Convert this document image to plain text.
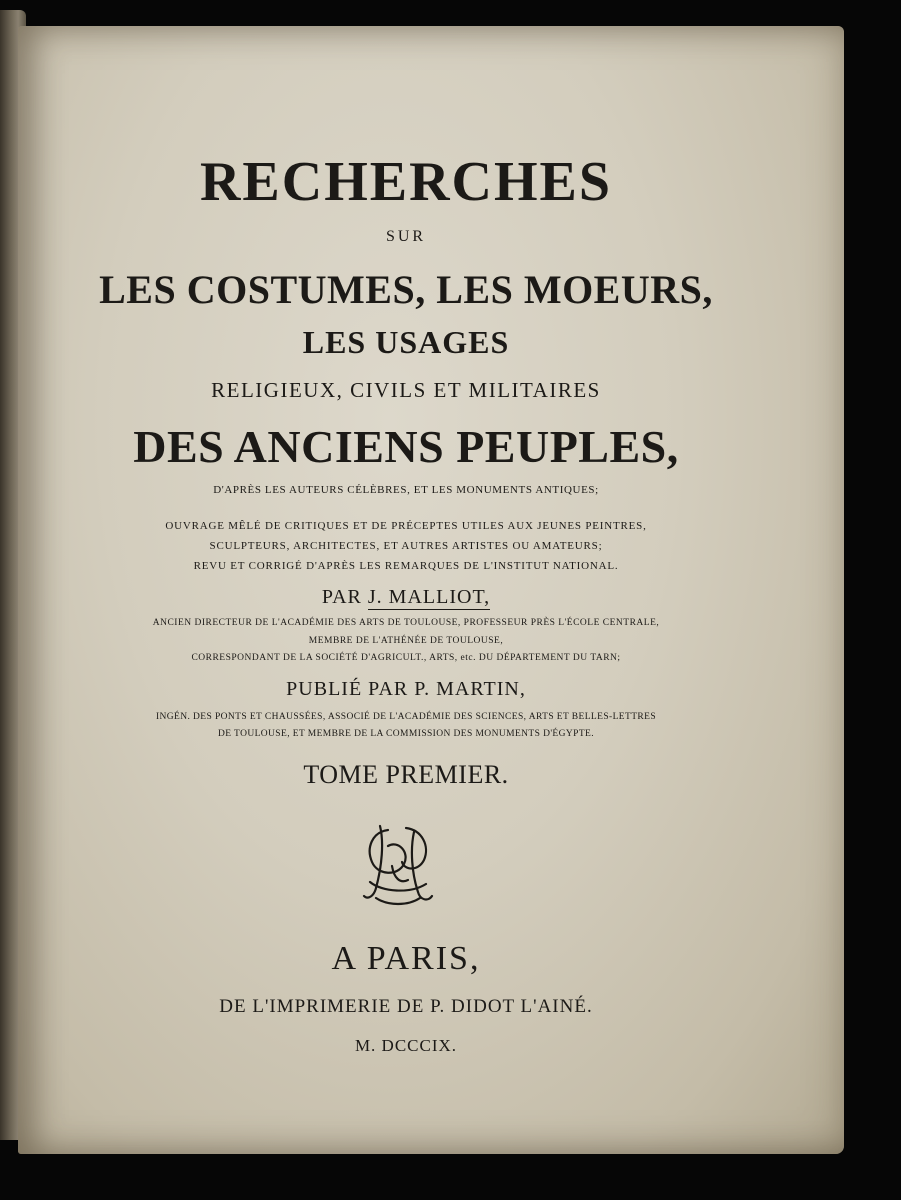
RECHERCHES
SUR
LES COSTUMES, LES MOEURS,
LES USAGES
RELIGIEUX, CIVILS ET MILITAIRES
DES ANCIENS PEUPLES,
D'APRÈS LES AUTEURS CÉLÈBRES, ET LES MONUMENTS ANTIQUES;
OUVRAGE MÊLÉ DE CRITIQUES ET DE PRÉCEPTES UTILES AUX JEUNES PEINTRES,
SCULPTEURS, ARCHITECTES, ET AUTRES ARTISTES OU AMATEURS;
REVU ET CORRIGÉ D'APRÈS LES REMARQUES DE L'INSTITUT NATIONAL.
PAR J. MALLIOT,
ANCIEN DIRECTEUR DE L'ACADÉMIE DES ARTS DE TOULOUSE, PROFESSEUR PRÈS L'ÉCOLE CENTRALE,
MEMBRE DE L'ATHÉNÉE DE TOULOUSE,
CORRESPONDANT DE LA SOCIÉTÉ D'AGRICULT., ARTS, etc. DU DÉPARTEMENT DU TARN;
PUBLIÉ PAR P. MARTIN,
INGÉN. DES PONTS ET CHAUSSÉES, ASSOCIÉ DE L'ACADÉMIE DES SCIENCES, ARTS ET BELLES-LETTRES
DE TOULOUSE, ET MEMBRE DE LA COMMISSION DES MONUMENTS D'ÉGYPTE.
TOME PREMIER.
A PARIS,
DE L'IMPRIMERIE DE P. DIDOT L'AINÉ.
M. DCCCIX.
